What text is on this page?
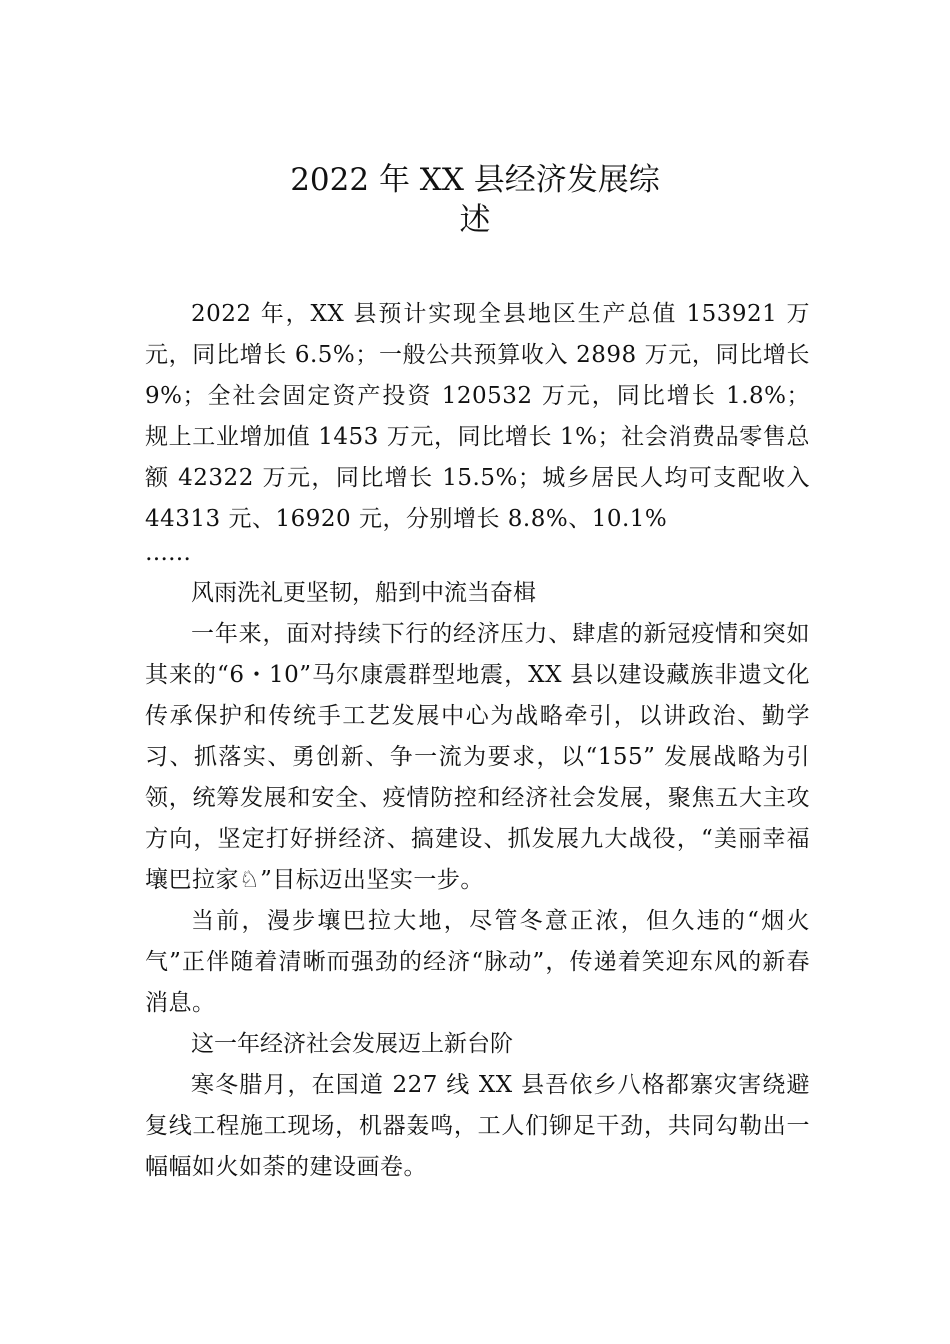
2022 年 XX 县经济发展综
述

2022 年，XX 县预计实现全县地区生产总值 153921 万元，同比增长 6.5%；一般公共预算收入 2898 万元，同比增长 9%；全社会固定资产投资 120532 万元，同比增长 1.8%； 规上工业增加值 1453 万元，同比增长 1%；社会消费品零售总额 42322 万元，同比增长 15.5%；城乡居民人均可支配收入 44313 元、16920 元，分别增长 8.8%、10.1%

……

风雨洗礼更坚韧，船到中流当奋楫

一年来，面对持续下行的经济压力、肆虐的新冠疫情和突如其来的“6・10”马尔康震群型地震，XX 县以建设藏族非遗文化传承保护和传统手工艺发展中心为战略牵引，以讲政治、勤学习、抓落实、勇创新、争一流为要求，以“155” 发展战略为引领，统筹发展和安全、疫情防控和经济社会发展，聚焦五大主攻方向，坚定打好拼经济、搞建设、抓发展九大战役，“美丽幸福壤巴拉家♘”目标迈出坚实一步。

当前，漫步壤巴拉大地，尽管冬意正浓，但久违的“烟火气”正伴随着清晰而强劲的经济“脉动”，传递着笑迎东风的新春消息。

这一年经济社会发展迈上新台阶

寒冬腊月，在国道 227 线 XX 县吾依乡八格都寨灾害绕避复线工程施工现场，机器轰鸣，工人们铆足干劲，共同勾勒出一幅幅如火如荼的建设画卷。
